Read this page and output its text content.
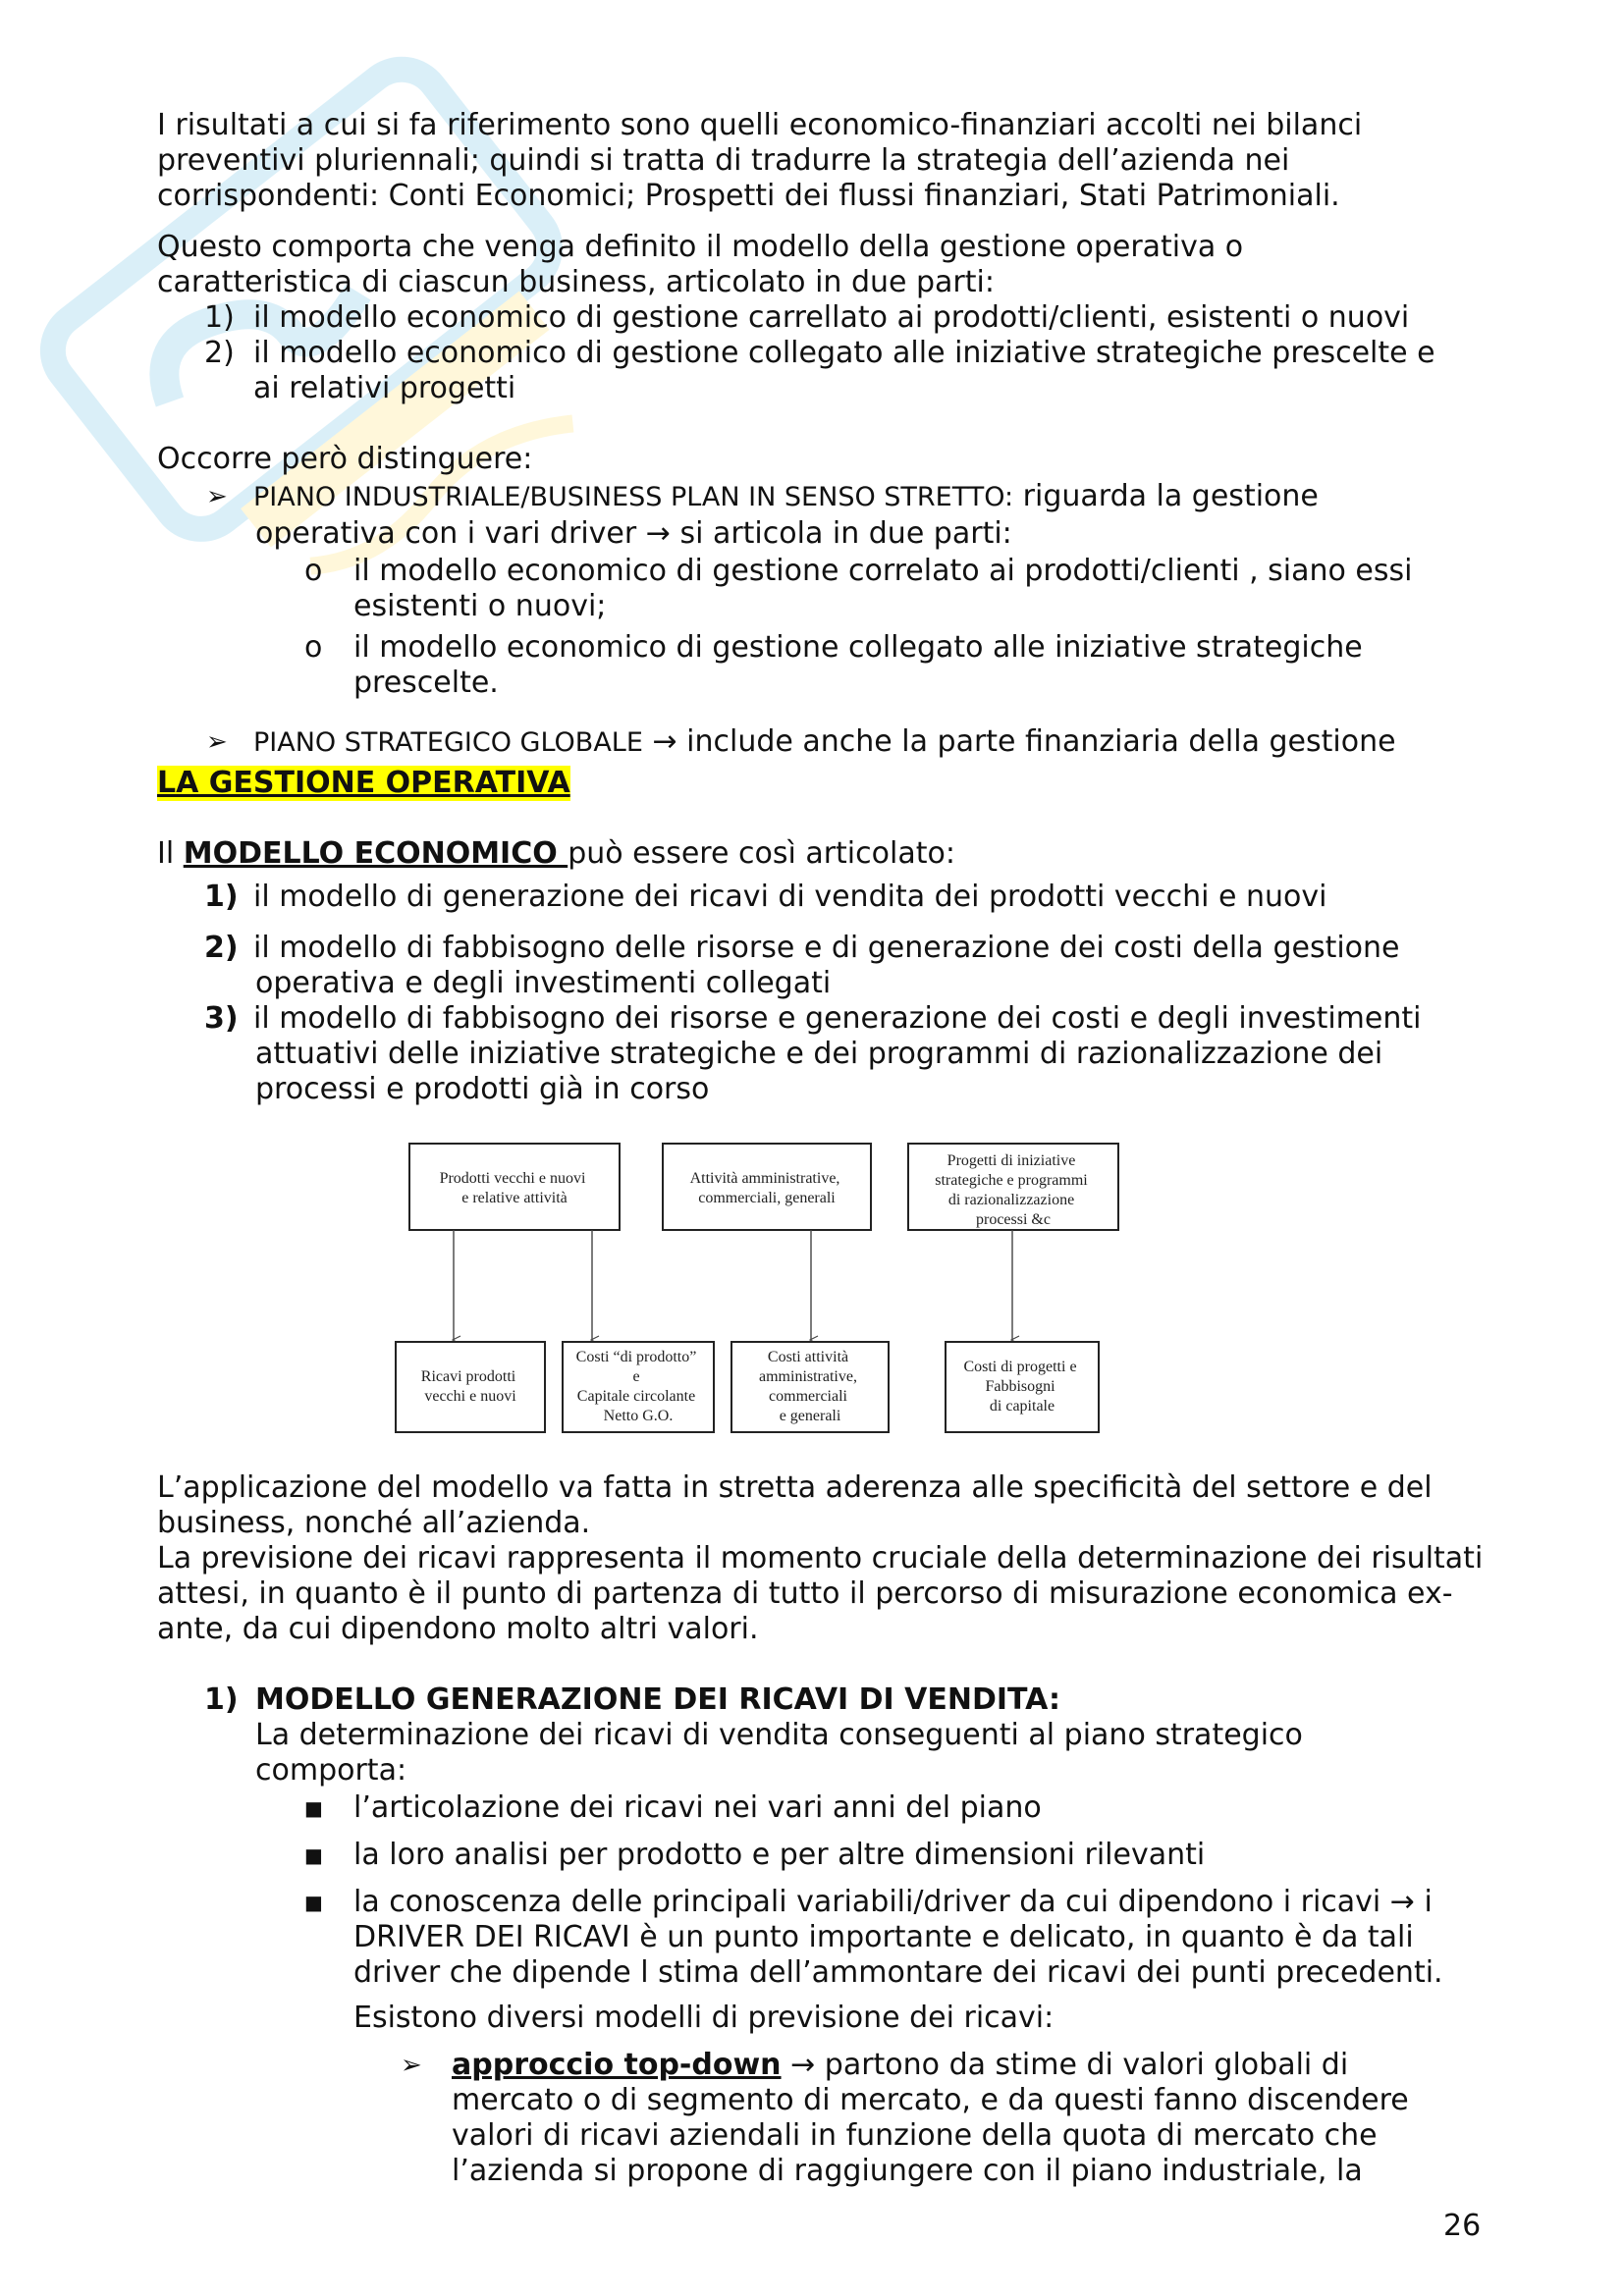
I risultati a cui si fa riferimento sono quelli economico-finanziari accolti nei bilanci
preventivi pluriennali; quindi si tratta di tradurre la strategia dell’azienda nei
corrispondenti: Conti Economici; Prospetti dei flussi finanziari, Stati Patrimoniali.
Questo comporta che venga definito il modello della gestione operativa o
caratteristica di ciascun business, articolato in due parti:
1) il modello economico di gestione carrellato ai prodotti/clienti, esistenti o nuovi
2) il modello economico di gestione collegato alle iniziative strategiche prescelte e
ai relativi progetti
Occorre però distinguere:
➢ PIANO INDUSTRIALE/BUSINESS PLAN IN SENSO STRETTO: riguarda la gestione
operativa con i vari driver → si articola in due parti:
o il modello economico di gestione correlato ai prodotti/clienti , siano essi
esistenti o nuovi;
o il modello economico di gestione collegato alle iniziative strategiche
prescelte.
➢ PIANO STRATEGICO GLOBALE → include anche la parte finanziaria della gestione
LA GESTIONE OPERATIVA
Il MODELLO ECONOMICO può essere così articolato:
1) il modello di generazione dei ricavi di vendita dei prodotti vecchi e nuovi
2) il modello di fabbisogno delle risorse e di generazione dei costi della gestione
operativa e degli investimenti collegati
3) il modello di fabbisogno dei risorse e generazione dei costi e degli investimenti
attuativi delle iniziative strategiche e dei programmi di razionalizzazione dei
processi e prodotti già in corso
Prodotti vecchi e nuovi e relative attività
Attività amministrative, commerciali, generali
Progetti di iniziative strategiche e programmi di razionalizzazione processi &c
Ricavi prodotti vecchi e nuovi
Costi “di prodotto” e Capitale circolante Netto G.O.
Costi attività amministrative, commerciali e generali
Costi di progetti e Fabbisogni di capitale
L’applicazione del modello va fatta in stretta aderenza alle specificità del settore e del
business, nonché all’azienda.
La previsione dei ricavi rappresenta il momento cruciale della determinazione dei risultati
attesi, in quanto è il punto di partenza di tutto il percorso di misurazione economica ex-
ante, da cui dipendono molto altri valori.
1) MODELLO GENERAZIONE DEI RICAVI DI VENDITA:
La determinazione dei ricavi di vendita conseguenti al piano strategico
comporta:
■ l’articolazione dei ricavi nei vari anni del piano
■ la loro analisi per prodotto e per altre dimensioni rilevanti
■ la conoscenza delle principali variabili/driver da cui dipendono i ricavi → i
DRIVER DEI RICAVI è un punto importante e delicato, in quanto è da tali
driver che dipende l stima dell’ammontare dei ricavi dei punti precedenti.
Esistono diversi modelli di previsione dei ricavi:
➢ approccio top-down → partono da stime di valori globali di
mercato o di segmento di mercato, e da questi fanno discendere
valori di ricavi aziendali in funzione della quota di mercato che
l’azienda si propone di raggiungere con il piano industriale, la
26
